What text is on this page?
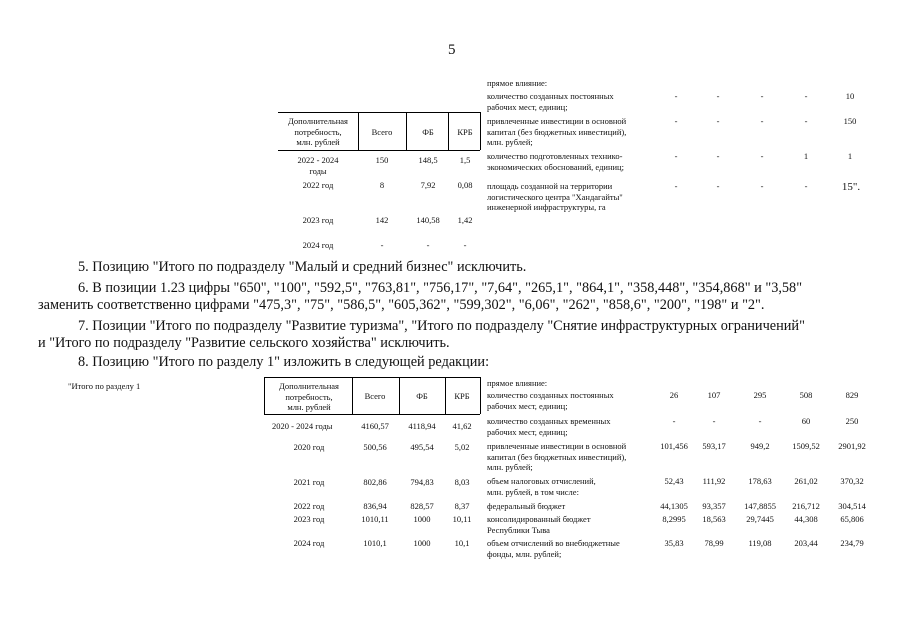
5
Дополнительная
потребность,
млн. рублей
Всего	ФБ	КРБ
2022 - 2024
годы
150	148,5	1,5
2022 год	8	7,92	0,08
2023 год	142	140,58	1,42
2024 год	-	-	-
прямое влияние:
количество созданных постоянных
рабочих мест, единиц;
-	-	-	-	10
привлеченные инвестиции в основной
капитал (без бюджетных инвестиций),
млн. рублей;
-	-	-	-	150
количество подготовленных технико-
экономических обоснований, единиц;
-	-	-	1	1
площадь созданной на территории
логистического центра "Хандагайты"
инженерной инфраструктуры, га
-	-	-	-	15".
5. Позицию "Итого по подразделу "Малый и средний бизнес" исключить.
6. В позиции 1.23 цифры "650", "100", "592,5", "763,81", "756,17", "7,64", "265,1", "864,1", "358,448", "354,868" и "3,58"
заменить соответственно цифрами "475,3", "75", "586,5", "605,362", "599,302", "6,06", "262", "858,6", "200", "198" и "2".
7. Позиции "Итого по подразделу "Развитие туризма", "Итого по подразделу "Снятие инфраструктурных ограничений"
и "Итого по подразделу "Развитие сельского хозяйства" исключить.
8. Позицию "Итого по разделу 1" изложить в следующей редакции:
"Итого по разделу 1	Дополнительная
потребность,
млн. рублей
Всего	ФБ	КРБ
2020 - 2024 годы	4160,57	4118,94	41,62
2020 год	500,56	495,54	5,02
2021 год	802,86	794,83	8,03
2022 год	836,94	828,57	8,37
2023 год	1010,11	1000	10,11
2024 год	1010,1	1000	10,1
прямое влияние:
количество созданных постоянных
рабочих мест, единиц;
26	107	295	508	829
количество созданных временных
рабочих мест, единиц;
-	-	-	60	250
привлеченные инвестиции в основной
капитал (без бюджетных инвестиций),
млн. рублей;
101,456	593,17	949,2	1509,52	2901,92
объем налоговых отчислений,
млн. рублей, в том числе:
52,43	111,92	178,63	261,02	370,32
федеральный бюджет	44,1305	93,357	147,8855	216,712	304,514
консолидированный бюджет
Республики Тыва
8,2995	18,563	29,7445	44,308	65,806
объем отчислений во внебюджетные
фонды, млн. рублей;
35,83	78,99	119,08	203,44	234,79
